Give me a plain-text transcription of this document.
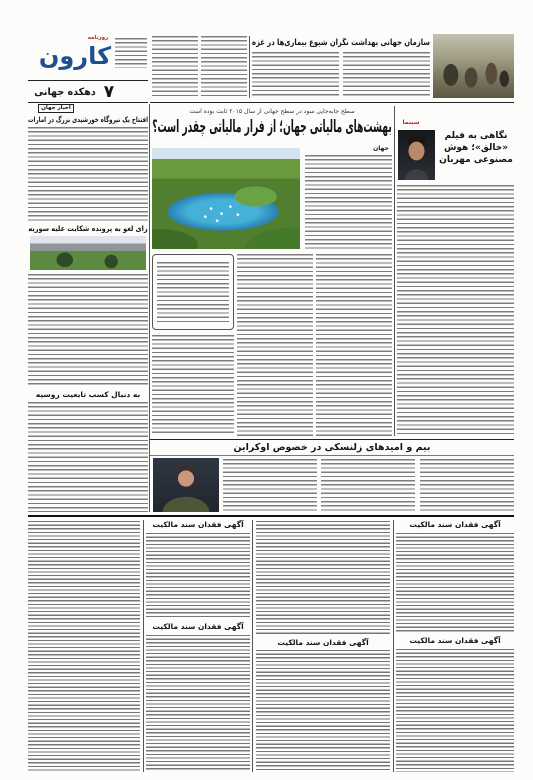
روزنامه
کارون
۷
دهکده جهانی
اخبار جهان
افتتاح یک نیروگاه خورشیدی بزرگ در امارات
رای لغو به پرونده شکایت علیه سوریه
به دنبال کسب تابعیت روسیه
سازمان جهانی بهداشت نگران شیوع بیماری‌ها در غزه
سطح جابه‌جایی سود در سطح جهانی از سال ۲۰۱۵ ثابت بوده است
بهشت‌های مالیاتی جهان؛ از فرار مالیاتی چقدر است؟
جهان
سینما
نگاهی به فیلم «خالق»؛ هوش مصنوعی مهربان
بیم و امیدهای زلنسکی در خصوص اوکراین
آگهی فقدان سند مالکیت
آگهی فقدان سند مالکیت
آگهی فقدان سند مالکیت
آگهی فقدان سند مالکیت
آگهی فقدان سند مالکیت
